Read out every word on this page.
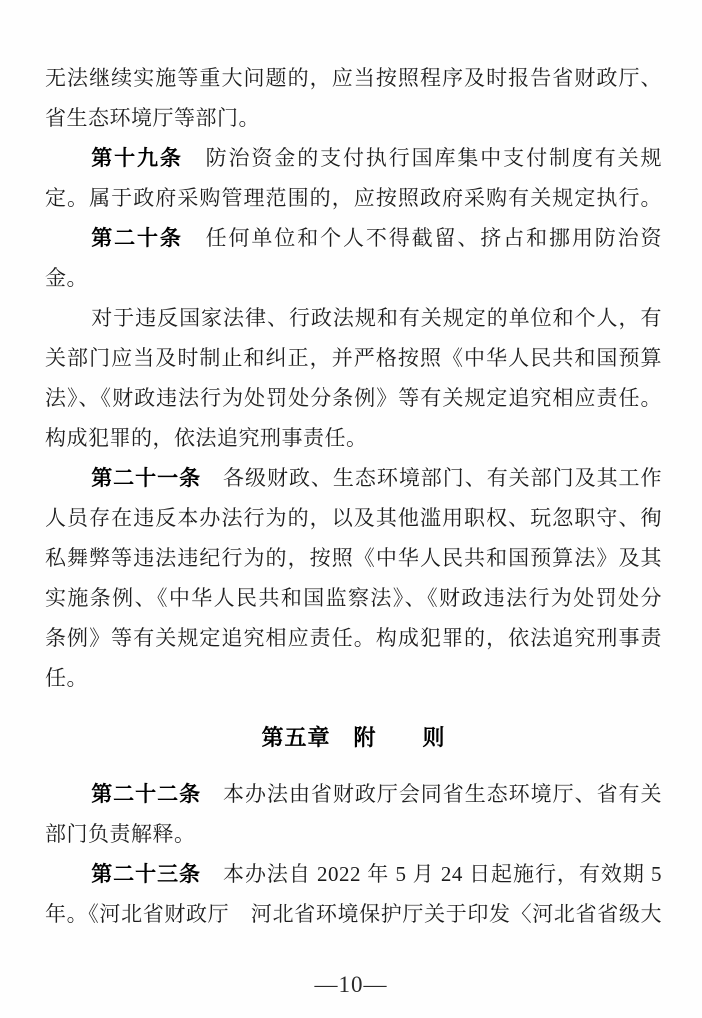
无法继续实施等重大问题的，应当按照程序及时报告省财政厅、
省生态环境厅等部门。
第十九条　防治资金的支付执行国库集中支付制度有关规
定。属于政府采购管理范围的，应按照政府采购有关规定执行。
第二十条　任何单位和个人不得截留、挤占和挪用防治资
金。
对于违反国家法律、行政法规和有关规定的单位和个人，有
关部门应当及时制止和纠正，并严格按照《中华人民共和国预算
法》、《财政违法行为处罚处分条例》等有关规定追究相应责任。
构成犯罪的，依法追究刑事责任。
第二十一条　各级财政、生态环境部门、有关部门及其工作
人员存在违反本办法行为的，以及其他滥用职权、玩忽职守、徇
私舞弊等违法违纪行为的，按照《中华人民共和国预算法》及其
实施条例、《中华人民共和国监察法》、《财政违法行为处罚处分
条例》等有关规定追究相应责任。构成犯罪的，依法追究刑事责
任。
第五章　附　　则
第二十二条　本办法由省财政厅会同省生态环境厅、省有关
部门负责解释。
第二十三条　本办法自 2022 年 5 月 24 日起施行，有效期 5
年。《河北省财政厅　河北省环境保护厅关于印发〈河北省省级大
—10—
